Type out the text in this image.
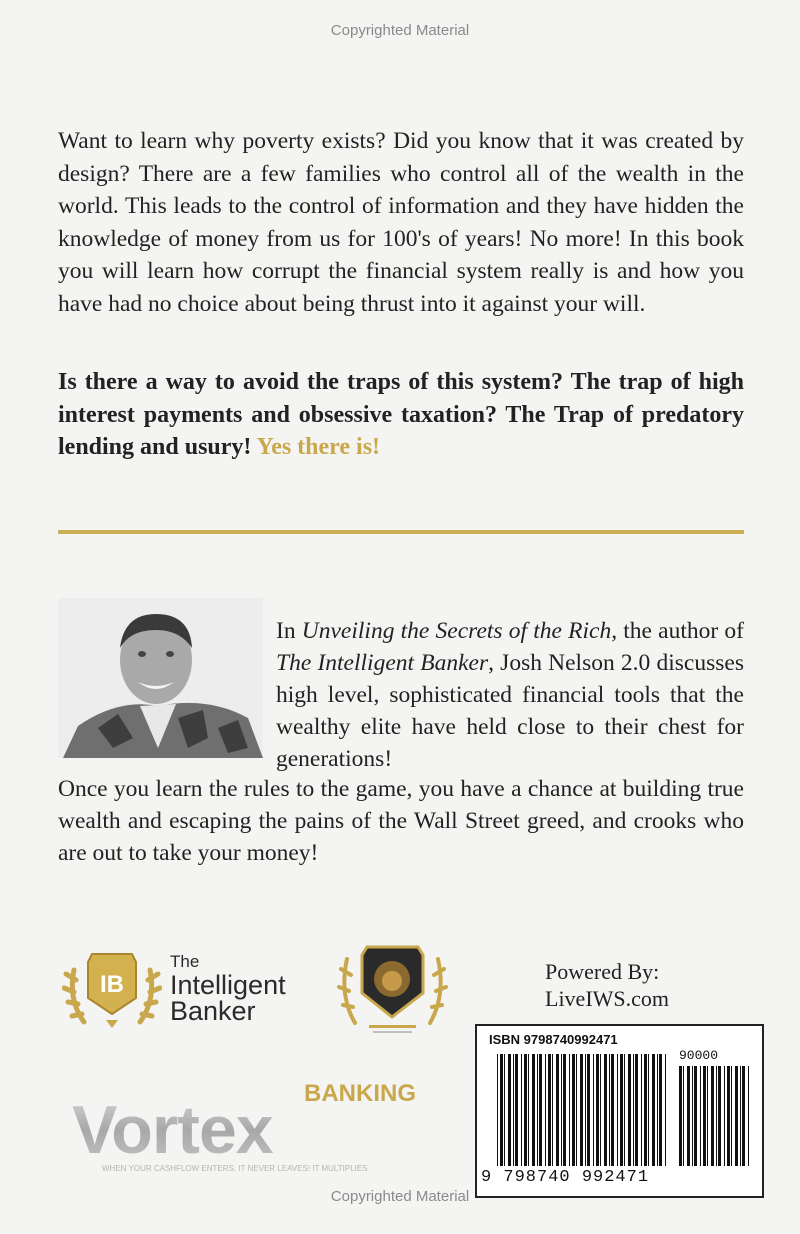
Copyrighted Material

Want to learn why poverty exists? Did you know that it was created by design? There are a few families who control all of the wealth in the world. This leads to the control of information and they have hidden the knowledge of money from us for 100's of years! No more! In this book you will learn how corrupt the financial system really is and how you have had no choice about being thrust into it against your will.

Is there a way to avoid the traps of this system? The trap of high interest payments and obsessive taxation? The Trap of predatory lending and usury! Yes there is!

In Unveiling the Secrets of the Rich, the author of The Intelligent Banker, Josh Nelson 2.0 discusses high level, sophisticated financial tools that the wealthy elite have held close to their chest for generations!

Once you learn the rules to the game, you have a chance at building true wealth and escaping the pains of the Wall Street greed, and crooks who are out to take your money!

IB
The
Intelligent
Banker
Powered By:
LiveIWS.com
BANKING
Vortex
WHEN YOUR CASHFLOW ENTERS, IT NEVER LEAVES! IT MULTIPLIES
ISBN 9798740992471
90000
9 798740 992471
Copyrighted Material
